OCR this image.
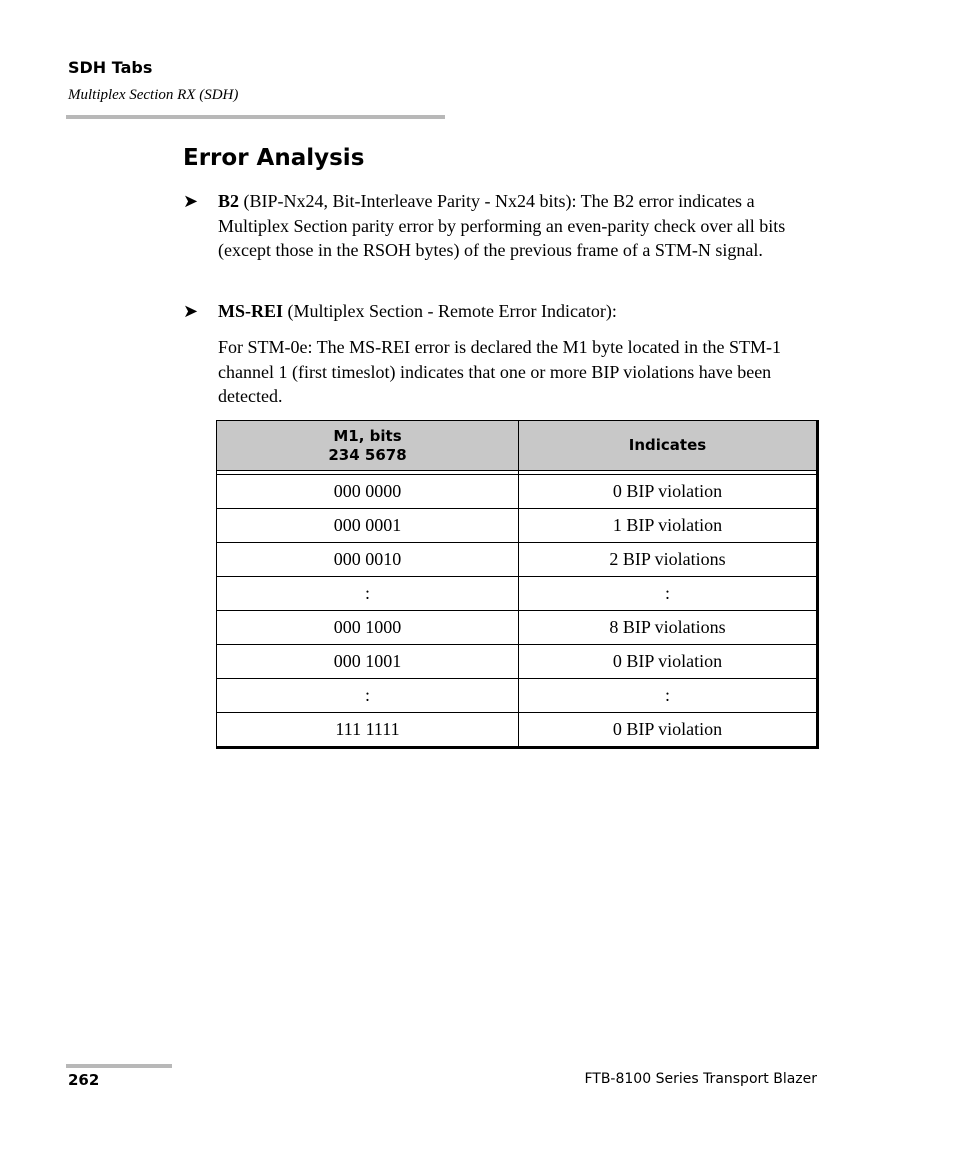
SDH Tabs
Multiplex Section RX (SDH)
Error Analysis
➤ B2 (BIP-Nx24, Bit-Interleave Parity - Nx24 bits): The B2 error indicates a Multiplex Section parity error by performing an even-parity check over all bits (except those in the RSOH bytes) of the previous frame of a STM-N signal.
➤ MS-REI (Multiplex Section - Remote Error Indicator):
For STM-0e: The MS-REI error is declared the M1 byte located in the STM-1 channel 1 (first timeslot) indicates that one or more BIP violations have been detected.
M1, bits
234 5678	Indicates

000 0000	0 BIP violation
000 0001	1 BIP violation
000 0010	2 BIP violations
:	:
000 1000	8 BIP violations
000 1001	0 BIP violation
:	:
111 1111	0 BIP violation
262	FTB-8100 Series Transport Blazer
